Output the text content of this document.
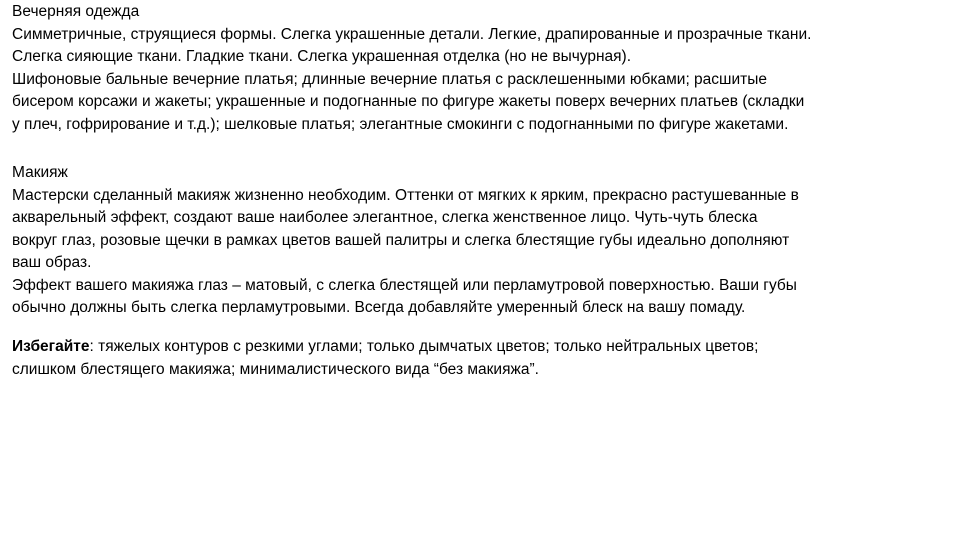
Вечерняя одежда
Симметричные, струящиеся формы. Слегка украшенные детали. Легкие, драпированные и прозрачные ткани.
Слегка сияющие ткани. Гладкие ткани. Слегка украшенная отделка (но не вычурная).
Шифоновые бальные вечерние платья; длинные вечерние платья с расклешенными юбками; расшитые
бисером корсажи и жакеты; украшенные и подогнанные по фигуре жакеты поверх вечерних платьев (складки
у плеч, гофрирование и т.д.); шелковые платья; элегантные смокинги с подогнанными по фигуре жакетами.
Макияж
Мастерски сделанный макияж жизненно необходим. Оттенки от мягких к ярким, прекрасно растушеванные в
акварельный эффект, создают ваше наиболее элегантное, слегка женственное лицо. Чуть-чуть блеска
вокруг глаз, розовые щечки в рамках цветов вашей палитры и слегка блестящие губы идеально дополняют
ваш образ.
Эффект вашего макияжа глаз – матовый, с слегка блестящей или перламутровой поверхностью. Ваши губы
обычно должны быть слегка перламутровыми. Всегда добавляйте умеренный блеск на вашу помаду.
Избегайте: тяжелых контуров с резкими углами; только дымчатых цветов; только нейтральных цветов;
слишком блестящего макияжа; минималистического вида “без макияжа”.
